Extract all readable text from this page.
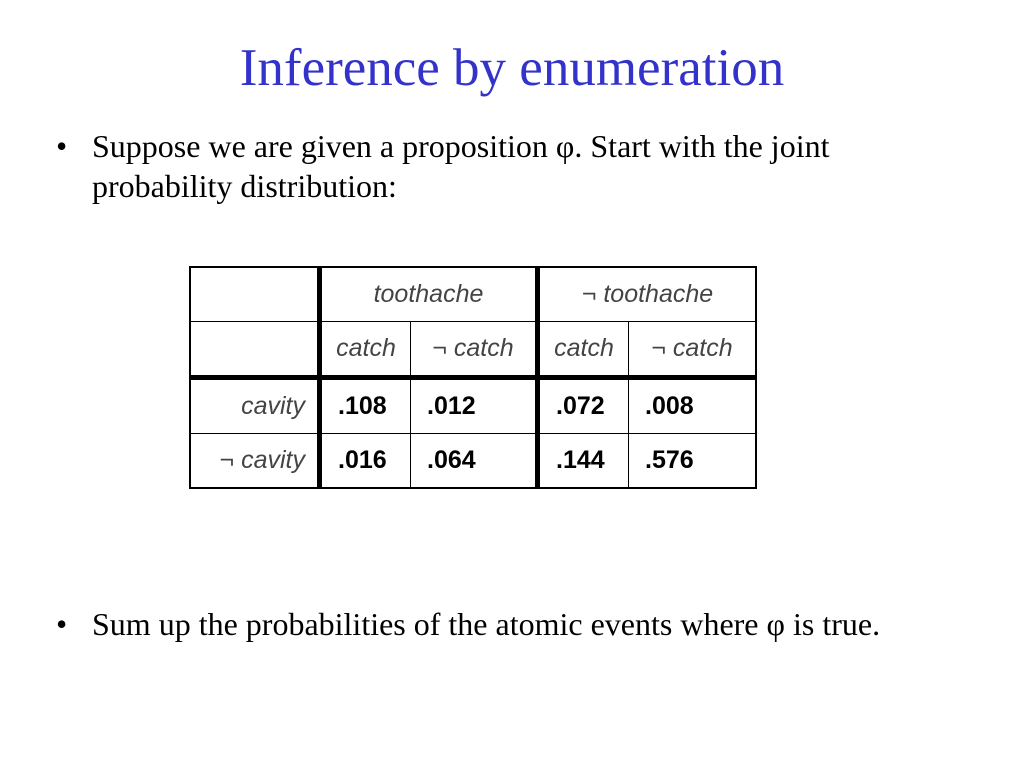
Inference by enumeration
• Suppose we are given a proposition φ. Start with the joint probability distribution:
	toothache		¬ toothache	
	catch	¬ catch	catch	¬ catch
cavity	.108	.012	.072	.008
¬ cavity	.016	.064	.144	.576
• Sum up the probabilities of the atomic events where φ is true.
